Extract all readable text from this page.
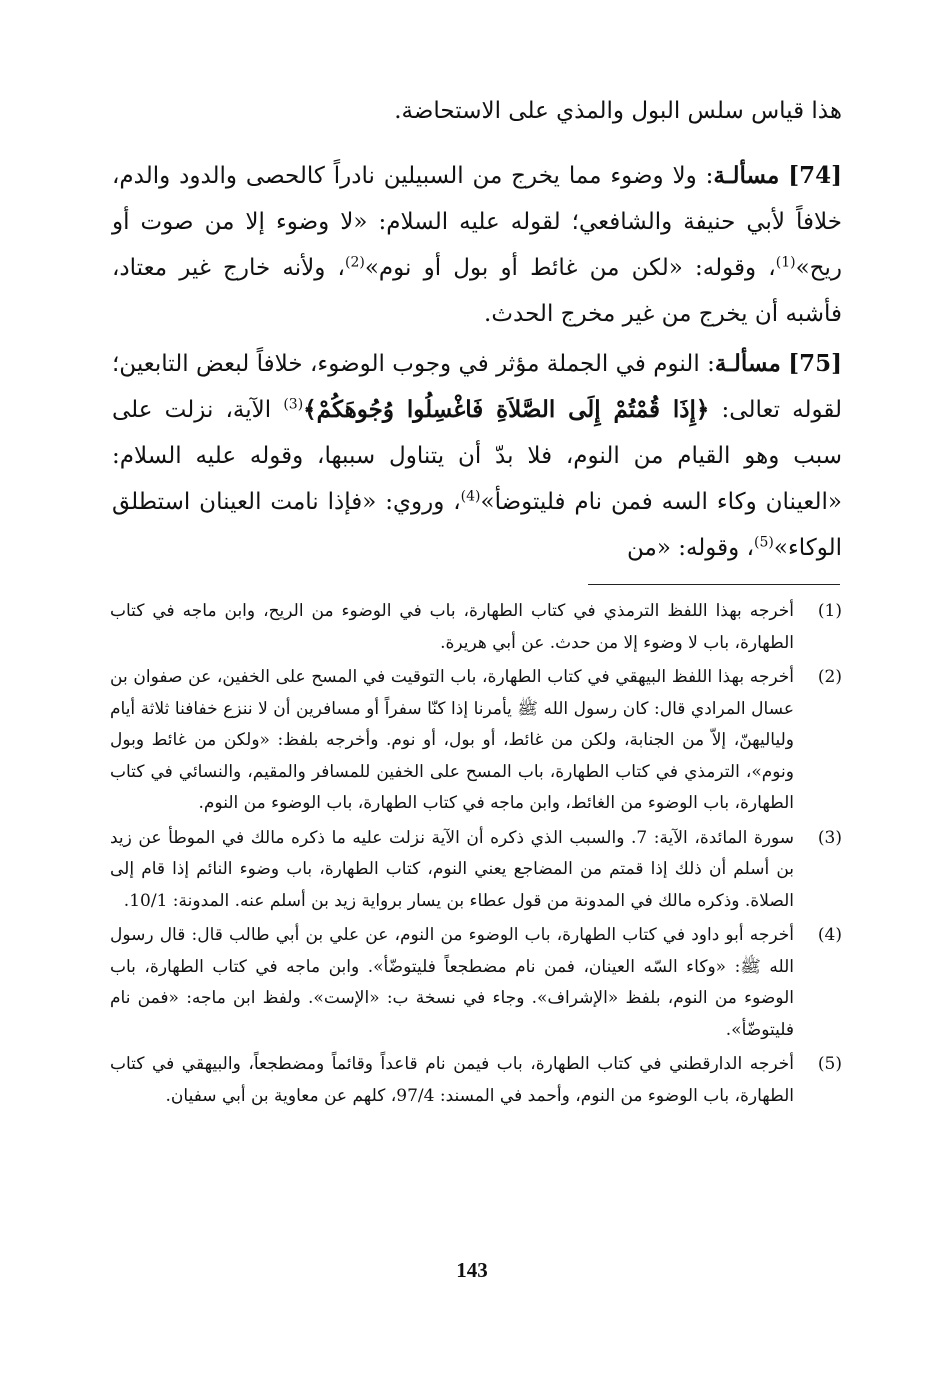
هذا قياس سلس البول والمذي على الاستحاضة.

[74] مسألـة: ولا وضوء مما يخرج من السبيلين نادراً كالحصى والدود والدم، خلافاً لأبي حنيفة والشافعي؛ لقوله عليه السلام: «لا وضوء إلا من صوت أو ريح»$^{(1)}$، وقوله: «لكن من غائط أو بول أو نوم»$^{(2)}$، ولأنه خارج غير معتاد، فأشبه أن يخرج من غير مخرج الحدث.

[75] مسألـة: النوم في الجملة مؤثر في وجوب الوضوء، خلافاً لبعض التابعين؛ لقوله تعالى: ﴿إِذَا قُمْتُمْ إِلَى الصَّلاَةِ فَاغْسِلُوا وُجُوهَكُمْ﴾$^{(3)}$ الآية، نزلت على سبب وهو القيام من النوم، فلا بدّ أن يتناول سببها، وقوله عليه السلام: «العينان وكاء السه فمن نام فليتوضأ»$^{(4)}$، وروي: «فإذا نامت العينان استطلق الوكاء»$^{(5)}$، وقوله: «من

(1)
أخرجه بهذا اللفظ الترمذي في كتاب الطهارة، باب في الوضوء من الريح، وابن ماجه في كتاب الطهارة، باب لا وضوء إلا من حدث. عن أبي هريرة.
(2)
أخرجه بهذا اللفظ البيهقي في كتاب الطهارة، باب التوقيت في المسح على الخفين، عن صفوان بن عسال المرادي قال: كان رسول الله ﷺ يأمرنا إذا كنّا سفراً أو مسافرين أن لا ننزع خفافنا ثلاثة أيام ولياليهنّ، إلاّ من الجنابة، ولكن من غائط، أو بول، أو نوم. وأخرجه بلفظ: «ولكن من غائط وبول ونوم»، الترمذي في كتاب الطهارة، باب المسح على الخفين للمسافر والمقيم، والنسائي في كتاب الطهارة، باب الوضوء من الغائط، وابن ماجه في كتاب الطهارة، باب الوضوء من النوم.
(3)
سورة المائدة، الآية: 7. والسبب الذي ذكره أن الآية نزلت عليه ما ذكره مالك في الموطأ عن زيد بن أسلم أن ذلك إذا قمتم من المضاجع يعني النوم، كتاب الطهارة، باب وضوء النائم إذا قام إلى الصلاة. وذكره مالك في المدونة من قول عطاء بن يسار برواية زيد بن أسلم عنه. المدونة: 10/1.
(4)
أخرجه أبو داود في كتاب الطهارة، باب الوضوء من النوم، عن علي بن أبي طالب قال: قال رسول الله ﷺ: «وكاء السّه العينان، فمن نام مضطجعاً فليتوضّأ». وابن ماجه في كتاب الطهارة، باب الوضوء من النوم، بلفظ «الإشراف». وجاء في نسخة ب: «الإست». ولفظ ابن ماجه: «فمن نام فليتوضّأ».
(5)
أخرجه الدارقطني في كتاب الطهارة، باب فيمن نام قاعداً وقائماً ومضطجعاً، والبيهقي في كتاب الطهارة، باب الوضوء من النوم، وأحمد في المسند: 97/4، كلهم عن معاوية بن أبي سفيان.
143
